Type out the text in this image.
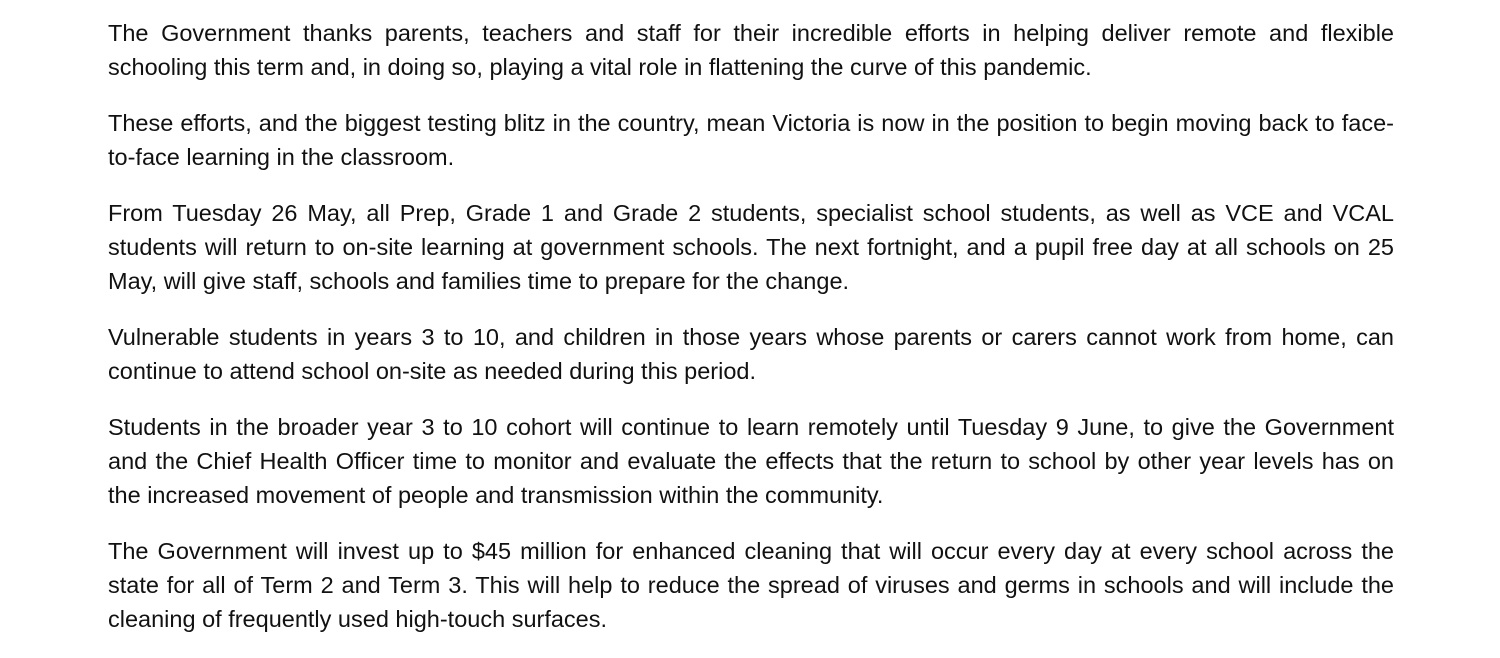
The Government thanks parents, teachers and staff for their incredible efforts in helping deliver remote and flexible schooling this term and, in doing so, playing a vital role in flattening the curve of this pandemic.

These efforts, and the biggest testing blitz in the country, mean Victoria is now in the position to begin moving back to face-to-face learning in the classroom.

From Tuesday 26 May, all Prep, Grade 1 and Grade 2 students, specialist school students, as well as VCE and VCAL students will return to on-site learning at government schools. The next fortnight, and a pupil free day at all schools on 25 May, will give staff, schools and families time to prepare for the change.

Vulnerable students in years 3 to 10, and children in those years whose parents or carers cannot work from home, can continue to attend school on-site as needed during this period.

Students in the broader year 3 to 10 cohort will continue to learn remotely until Tuesday 9 June, to give the Government and the Chief Health Officer time to monitor and evaluate the effects that the return to school by other year levels has on the increased movement of people and transmission within the community.

The Government will invest up to $45 million for enhanced cleaning that will occur every day at every school across the state for all of Term 2 and Term 3. This will help to reduce the spread of viruses and germs in schools and will include the cleaning of frequently used high-touch surfaces.
